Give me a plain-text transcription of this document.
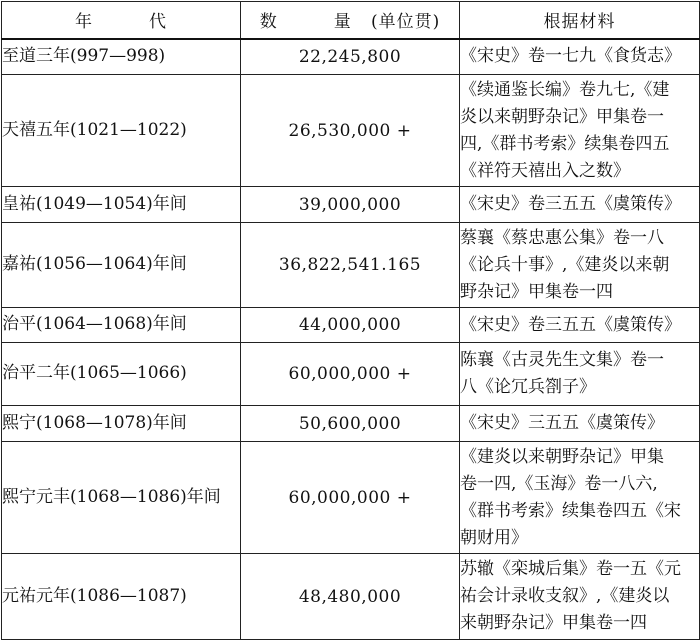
年 代	数 量 (单位贯)	根据材料
至道三年(997—998)	22,245,800	《宋史》卷一七九《食货志》

天禧五年(1021—1022)	26,530,000 +	《续通鉴长编》卷九七,《建
炎以来朝野杂记》甲集卷一
四,《群书考索》续集卷四五
《祥符天禧出入之数》

皇祐(1049—1054)年间	39,000,000	《宋史》卷三五五《虞策传》

嘉祐(1056—1064)年间	36,822,541.165	蔡襄《蔡忠惠公集》卷一八
《论兵十事》,《建炎以来朝
野杂记》甲集卷一四

治平(1064—1068)年间	44,000,000	《宋史》卷三五五《虞策传》

治平二年(1065—1066)	60,000,000 +	陈襄《古灵先生文集》卷一
八《论冗兵劄子》

熙宁(1068—1078)年间	50,600,000	《宋史》三五五《虞策传》

熙宁元丰(1068—1086)年间	60,000,000 +	《建炎以来朝野杂记》甲集
卷一四,《玉海》卷一八六,
《群书考索》续集卷四五《宋
朝财用》

元祐元年(1086—1087)	48,480,000	苏辙《栾城后集》卷一五《元
祐会计录收支叙》,《建炎以
来朝野杂记》甲集卷一四
